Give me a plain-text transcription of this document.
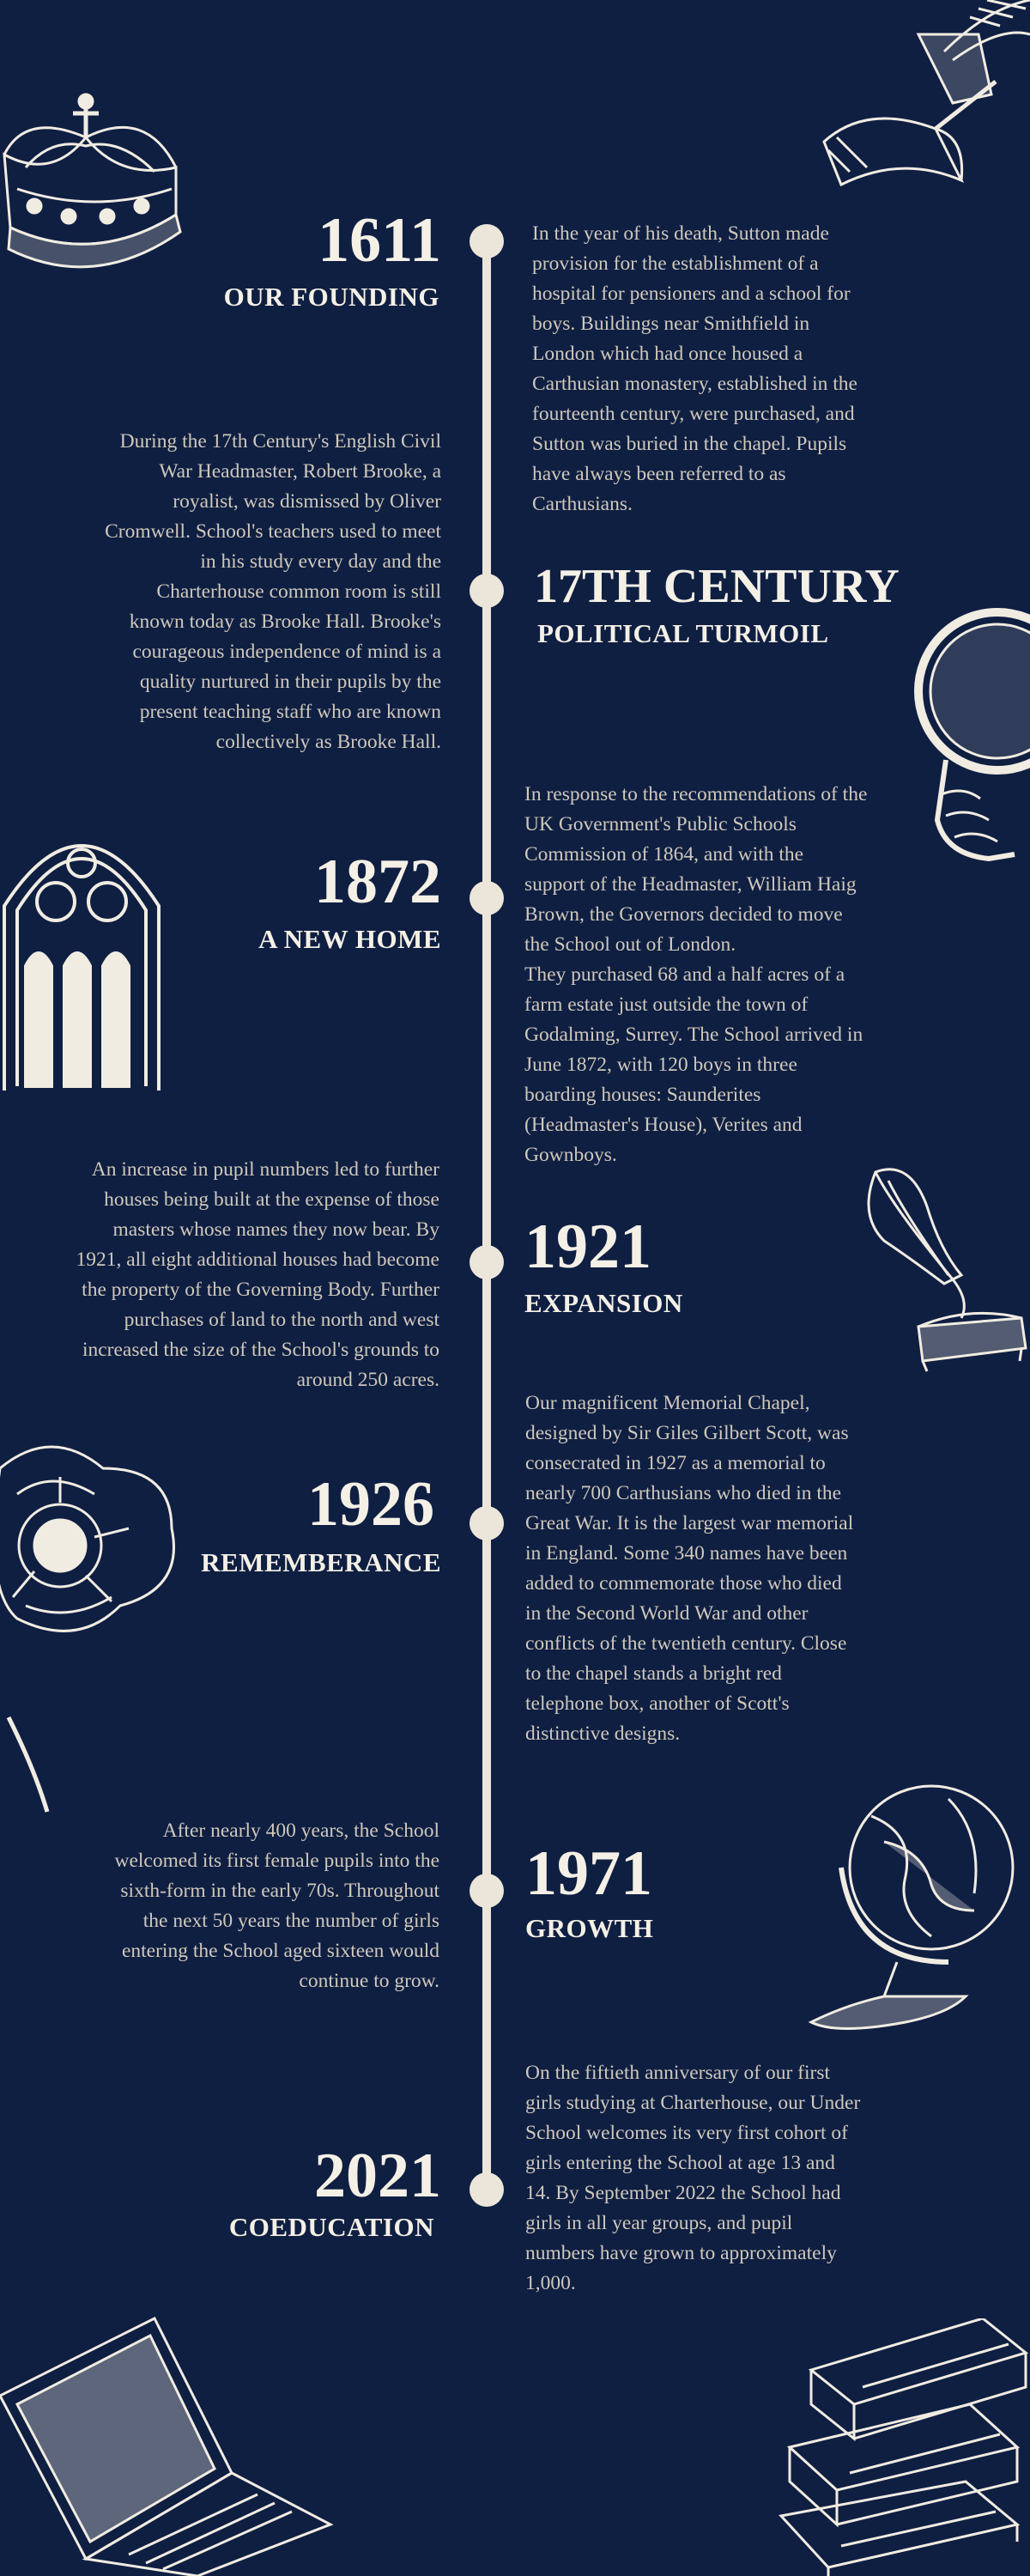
1611
OUR FOUNDING

In the year of his death, Sutton made provision for the establishment of a hospital for pensioners and a school for boys. Buildings near Smithfield in London which had once housed a Carthusian monastery, established in the fourteenth century, were purchased, and Sutton was buried in the chapel. Pupils have always been referred to as Carthusians.

17TH CENTURY
POLITICAL TURMOIL

During the 17th Century's English Civil War Headmaster, Robert Brooke, a royalist, was dismissed by Oliver Cromwell. School's teachers used to meet in his study every day and the Charterhouse common room is still known today as Brooke Hall. Brooke's courageous independence of mind is a quality nurtured in their pupils by the present teaching staff who are known collectively as Brooke Hall.

1872
A NEW HOME

In response to the recommendations of the UK Government's Public Schools Commission of 1864, and with the support of the Headmaster, William Haig Brown, the Governors decided to move the School out of London.

They purchased 68 and a half acres of a farm estate just outside the town of Godalming, Surrey. The School arrived in June 1872, with 120 boys in three boarding houses: Saunderites (Headmaster's House), Verites and Gownboys.

1921
EXPANSION

An increase in pupil numbers led to further houses being built at the expense of those masters whose names they now bear. By 1921, all eight additional houses had become the property of the Governing Body. Further purchases of land to the north and west increased the size of the School's grounds to around 250 acres.

1926
REMEMBERANCE

Our magnificent Memorial Chapel, designed by Sir Giles Gilbert Scott, was consecrated in 1927 as a memorial to nearly 700 Carthusians who died in the Great War. It is the largest war memorial in England. Some 340 names have been added to commemorate those who died in the Second World War and other conflicts of the twentieth century. Close to the chapel stands a bright red telephone box, another of Scott's distinctive designs.

1971
GROWTH

After nearly 400 years, the School welcomed its first female pupils into the sixth-form in the early 70s. Throughout the next 50 years the number of girls entering the School aged sixteen would continue to grow.

2021
COEDUCATION

On the fiftieth anniversary of our first girls studying at Charterhouse, our Under School welcomes its very first cohort of girls entering the School at age 13 and 14. By September 2022 the School had girls in all year groups, and pupil numbers have grown to approximately 1,000.
